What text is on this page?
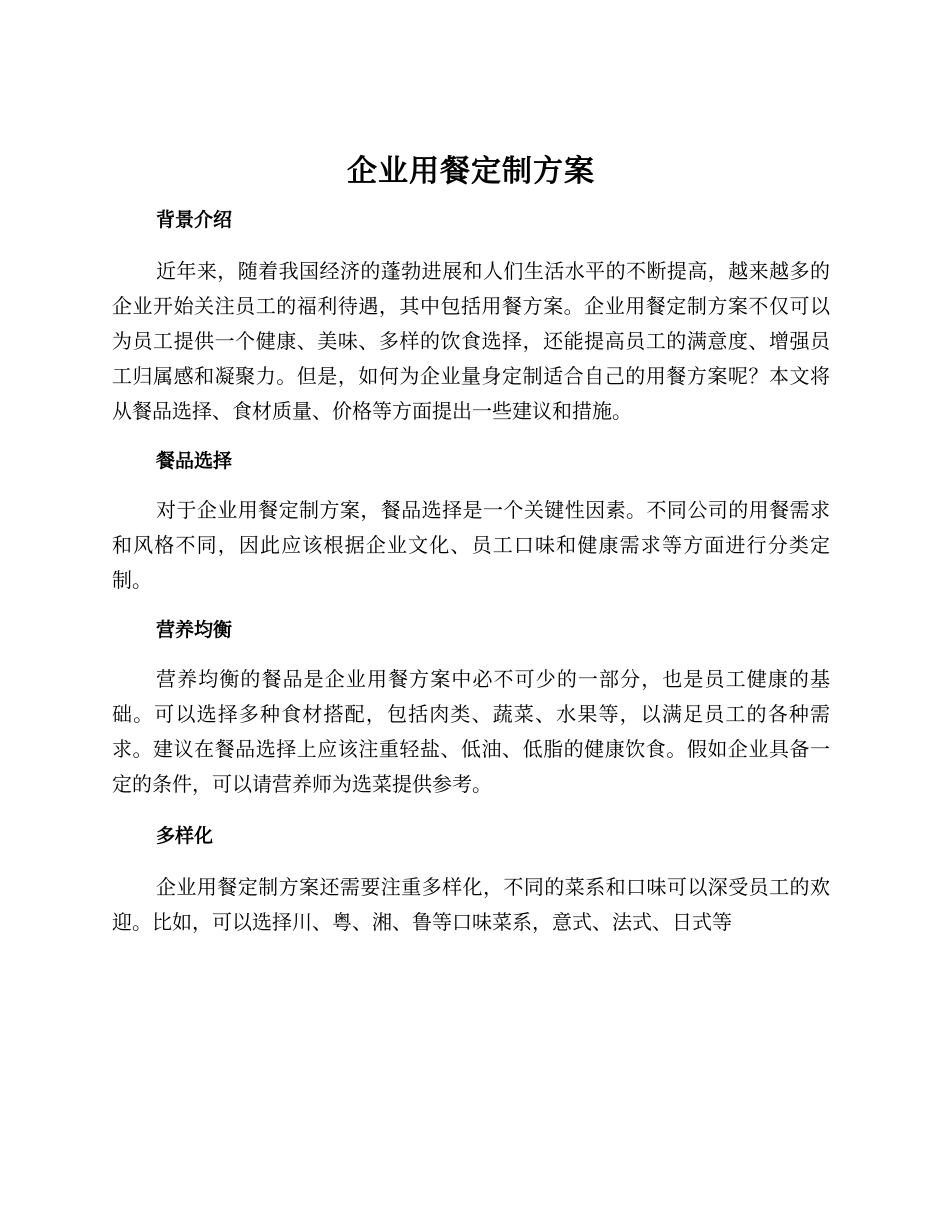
企业用餐定制方案
背景介绍

近年来，随着我国经济的蓬勃进展和人们生活水平的不断提高，越来越多的企业开始关注员工的福利待遇，其中包括用餐方案。企业用餐定制方案不仅可以为员工提供一个健康、美味、多样的饮食选择，还能提高员工的满意度、增强员工归属感和凝聚力。但是，如何为企业量身定制适合自己的用餐方案呢？本文将从餐品选择、食材质量、价格等方面提出一些建议和措施。

餐品选择

对于企业用餐定制方案，餐品选择是一个关键性因素。不同公司的用餐需求和风格不同，因此应该根据企业文化、员工口味和健康需求等方面进行分类定制。

营养均衡

营养均衡的餐品是企业用餐方案中必不可少的一部分，也是员工健康的基础。可以选择多种食材搭配，包括肉类、蔬菜、水果等，以满足员工的各种需求。建议在餐品选择上应该注重轻盐、低油、低脂的健康饮食。假如企业具备一定的条件，可以请营养师为选菜提供参考。

多样化

企业用餐定制方案还需要注重多样化，不同的菜系和口味可以深受员工的欢迎。比如，可以选择川、粤、湘、鲁等口味菜系，意式、法式、日式等
